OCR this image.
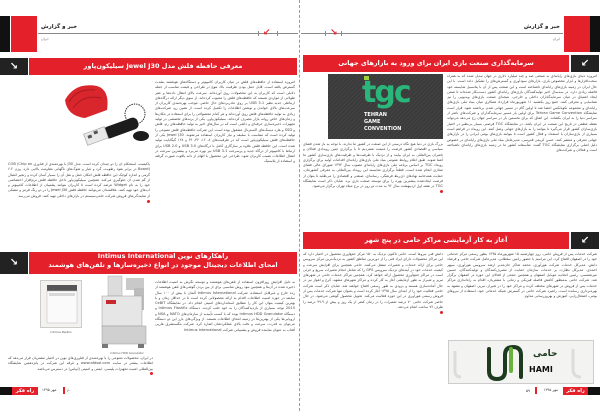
↙
خبر و گزارش
ایران
↘	معرفی حافظه فلش مدل Jewel J30 سیلیکون‌پاور

امروزه استفاده از حافظه‌های فلش در میان کاربران کامپیوتر و دستگاه‌های هوشمند بشدت گسترش یافته است. قابل حمل بودن ظرفیت بالا، تنوع در طراحی و قیمت مناسب از جمله دلایلی است که کاربران به این محصولات روی آورده‌اند. سرعت بالای انتقال داده‌ها و عمر طولانی از مواردی هستند که حافظه‌های فلش را محبوب کرده‌اند. از سوی دیگر ارائه درگاه‌های ارتباطی جدید نظیر USB 3.1 بر روی مادربردهای حال حاضر، موجب بهره‌مندی کاربران از سرعت‌های بالای خواندن و نوشتن اطلاعات را تکمیل کرده است. از همین رو، شرکت‌های زیادی به تولید حافظه‌های فلش روی آورده‌اند و هر کدام محصولاتی را برای استفاده در مکان‌ها و زمان‌های خاص روانه بازار مصرف کرده‌اند. سیلیکون‌پاور، یکی از برندهای تخصصی در تولید تجهیزات ذخیره‌سازی حرفه‌ای و دائمی است که در سال‌های اخیر به تولید حافظه‌های رم، فلش و SSD و هارد دیسک‌های اکسترنال مشغول بوده است. این شرکت حافظه‌های فلش متنوعی را تولید کرده است که متناسب با سلیقه و نیاز کاربران استفاده می‌شوند. Jewel J30 یکی از حافظه‌های فلش سیلیکون‌پاور است که در ظرفیت‌های ۸، ۱۶، ۳۲، ۶۴ و ۱۲۸ گیگابایت تولید شده است. این حافظه فلش علاوه بر سازگاری کامل با درگاه‌های USB 3.0 و USB 2.0 برای ارتباط با کامپیوتر از درگاه جدید و پرسرعت USB 3.1 نیز بهره می‌برد و بیشترین سرعت در انتقال اطلاعات نصیب کاربران شود. طراحی این محصول با الهام از دانه یاقوت صورت گرفته و استفاده از پلاستیک

باکیفیت، استحکام آن را دو چندان کرده است. مدل J30 با بهره‌مندی از فناوری COB (Chip on Board) در برابر نفوذ رطوبت، گرد و غبار و شوک‌های ناگهانی مقاومت بالایی دارد. وزن ۶.۲ گرمی و اندازه کوچک این حافظه فلش امکان حمل و نقل آن را بسیار آسان کرده و زنجیر اتصال از گم شدن آن جلوگیری می‌کند. همچنین سیلیکون‌پاور داخل حافظه فلش نرم‌افزار اختصاصی خود را به نام Widget عرضه کرده است تا کاربران بتوانند پشتیبان از اطلاعات کامپیوتر و اپ‌های خود تهیه کنند. علاقمندان می‌توانند حافظه فلش Jewel J30 را در دو رنگ قرمز و مشکی از نمایندگی‌های فروش شرکت حامی‌سیستم در بازارهای داخلی تهیه کنند. فروش می‌رسد

↘
راهکارهای نوین Intimus International
امحای اطلاعات دیجیتال موجود در انواع ذخیره‌سازها و تلفن‌های هوشمند
Intimus Papillio
Intimus HDD Granulator

به دلیل افزایش روزافزون استفاده از تلفن‌های هوشمند و توسعه نگرش به امنیت اطلاعات ذخیره شده در آن‌ها و همچنین نبود روش مناسبی برای از بین بردن گوشی‌های تلفن هوشمند از رده خارج و غیرقابل استفاده، شرکت Intimus International آلمان با بیش از ۱۰۰ سال سابقه در حوزه امنیت اطلاعات اقدام به ارائه محصولاتی کرده است تا در حداقل زمان و با بهترین کیفیت بتوان این کار را مطابق استانداردهای امنیتی انجام داد. در نمایشگاه CeBIT 2015 توجه بسیاری از بازدیدکنندگان را به خود جلب کردند. دستگاه Intimus FlashEx و دستگاه Intimus HDD Granulator بوده که با کسب تأییدیه از سازمان‌های NATO و NSA و اروپایی‌ها یکی از بهترین‌ها در زمینه امحای اطلاعات هستند. از ویژگی‌های بارز این دو دستگاه می‌توان به قدرت، سرعت و دقت بالای عملکردشان اشاره کرد. شرکت مگستشرق هارپی آفتاب به عنوان نماینده فروش و پشتیبانی شرکت Intimus International

در ایران، محصولات متنوعی را با بهره‌مندی از فناوری‌های نوین در اختیار مشتریان قرار می‌دهد که اطلاعات بیشتر در سایت www.afdsol.com و غرفه این شرکت در پانزدهمین نمایشگاه بین‌المللی امنیت تجهیزات پلیسی، ایمنی و امنیتی (ایپاس) در دسترس می‌باشد.

راه فکر	مهر ۱۳۹۵	۶۰
↘
خبر و گزارش
ایران
سرمایه‌گذاری صنعت بازی ایران برای ورود به بازارهای جهانی	↙
tgc
TEHRAN
GAME
CONVENTION

امروزه دنیای بازی‌های رایانه‌ای به صنعتی صد و چند میلیارد دلاری در جهان تبدیل شده که به همراه سخت‌افزارها و ابزار مخصوص بازی، بازارهای سودآوری و گسترش‌های را تشکیل داده است. با این حال ایران در زمینه بازی‌های رایانه‌ای تا‌شناخته است و این صنعت پس از آن با پتانسیل شایسته خود فاصله زیادی دارد. در سه‌سال اخیر تولیدکنندگان بازی‌های رایانه‌ای کشور دست‌بکار شده‌اند تا ضمن ایجاد اشتیاق در میان سرمایه‌گذاران داخلی و خارجی، نتیجه‌ای صنعت بازی‌های ویدیویی را نیز شناسایی و معرفی کنند. جمع روز یکشنبه ۱۱ شهریورماه قرارداد همکاری میان بنیاد ملی بازی‌های رایانه‌ای و مجموعه نکوبانکس اعضا شد تا اولین گام در مسیر جهانی شدن برداشته شود. قرار است نمایشگاه Tehran Game Convention برای اولین بار مسیر سرمایه‌گذاران و شرکت‌های ناشر از سراسر دنیا را به ایران بکشاند. این اتفاق که برای نخستین بار در سراسر جهان رخ می‌دهد می‌تواند نقطه عطفی در تاریخ این صنعت در ایران باشد. در نمایشگاه TGC فرصتی بسیار بی‌نظیر در اختیار بازی‌سازان کشور قرار می‌گیرد تا بتوانند را به بازارهای جهانی وصل کنند. این رویداد در فراهم است بسیاری از بازی‌سازان با استعداد و فعال کشور است تا بتوانند بازی‌های بومی ایرانی را در بازارهای جهانی معرفی و منتشر کنند. حسن کریمی قدوسی، مدیرعامل بنیاد ملی بازی‌های رایانه‌ای در خصوص دلیل اصلی برگزاری نمایشگاه TGC گفت: متأسفانه کشور ما در زمینه بازی‌های رایانه‌ای ناشناخته است و فعالان و شرکت‌های

بزرگ بازی در دنیا هیچ نگاه درستی از این صنعت در کشور ما ندارند. با توجه به باز شدن فضای سیاسی و اقتصادی کشور فرصت را غنیمت شمردیم تا با برگزاری چنین رویدادی فعالان و ناشران بین‌المللی به ایران بیایند و از نزدیک با ظرفیت‌ها و ظرفیت‌های بازی‌سازی کشور ما آشنا شوند. طبق اعلام روابط عمومی بنیاد ملی بازی‌های رایانه‌ای اقدامات اولیه برای برگزاری رویداد TGC بر اساس برنامه ملی بازی‌های رایانه‌ای مصوب سال ۱۳۹۴ شورای عالی فضای مجازی انجام شده است. قطعاً برگزاری شایسته این رویداد بین‌المللی به معرفی کشورمان، حمایت همه‌جانبه نهادهای ذی‌ربط فرهنگی، رسانه‌ای، صنعتی و اقتصادی را می‌طلبد تا بتوان از فرصت ایجادشده بیشترین بهره را برای توسعه صنعت بازی برد. شایان ذکر است نمایشگاه TGC در هفته اول اردیبهشت سال ۹۶ به مدت دو روز در برج میلاد تهران برگزار می‌شود.

آغاز به کار آزمایشی مراکز حامی در پنج شهر	↙

شرکت خدمات پس از فروش حامی، روز چهارشنبه ۱۵ شهریورماه ۱۳۹۵ بطور رسمی مرکز خدماتی خود را در اصفهان افتتاح کرد. این مراسم با حضور رامین سلطانی، مدیرعامل شرکت حامی و فرشاد دانش، مدیرکل خدمات شرکت هورآوری، محمد شاکر جان‌مدیر ارشد سرویس هورآوری، سپهر احمدی، مدیرکل نظارت بر خدمات سازمان حمایت از مصرف‌کنندگان و تولیدکنندگان، حسین میرشمسی، رئیس اتحادیه موبایل اصفهان و همچنین جمعی از فعالان این حوزه در اصفهان برگزار شد. شرکت حامی به‌منظور کاهش فاصله فیزیکی و زمانی با مشتریان، اقدام به راه‌اندازی مراکز خدمات پس از فروش در شهرهای مختلف کرده و مراکز خود را در شیراز، تبریز، اصفهان و مشهد به بهره‌برداری رسانده است. راهبرد شرکت حامی در گسترش شبکه خدماتی خود، استفاده از نیروهای بومی، اشتغال‌زایی، آموزش و بهروزرسانی مداوم

دانش فنی نیروها است. حامی تاکنون نزدیک به ۱۵۰ مرکز جمع‌آوری محصول در اختیار دارد که این مراکز محصولات دارای ایراد فنی را از دورترین مناطق کشور به نزدیک‌ترین مرکز سرویس حامی برای ارائه خدمات و تعمیرات منتقل می‌کنند. حامی همچنین برای افزایش سرعت و کیفیت خدمات خود در آیندهای نزدیک سرویس GPS را که شامل انجام تعمیرات سریع و جزئی است در مراکز جمع‌آوری محصول ارائه خواهد کرد. همچنین مراکز خدمات حامی در شهرهای تبریز و شیراز به طور آزمایشی آغاز به کار کرده و مراکز شهرهای مشهد، کرج و اهواز نیز در حال آماده‌سازی هستند و بزودی به طور رسمی افتتاح خواهند شد. شایان ذکر است شرکت حامی فعالیت خود را از ابتدای سال ۱۳۹۵ آغاز کرده است و بعنوان تنها شرکت خدمات پس از فروش رسمی هورآوری در این حوزه فعالیت می‌کند. تحویل محصول گوشی می‌شود. در حال حاضر شرکت حامی ۷۰ درصد تعمیرات را در زمان کمتر از یک روز و بیش از ۹۹.۹ درصد را ظرف ۷۲ ساعت انجام می‌دهد.

حامی
HAMI
راه فکر
مهر ۱۳۹۵
۵۹
